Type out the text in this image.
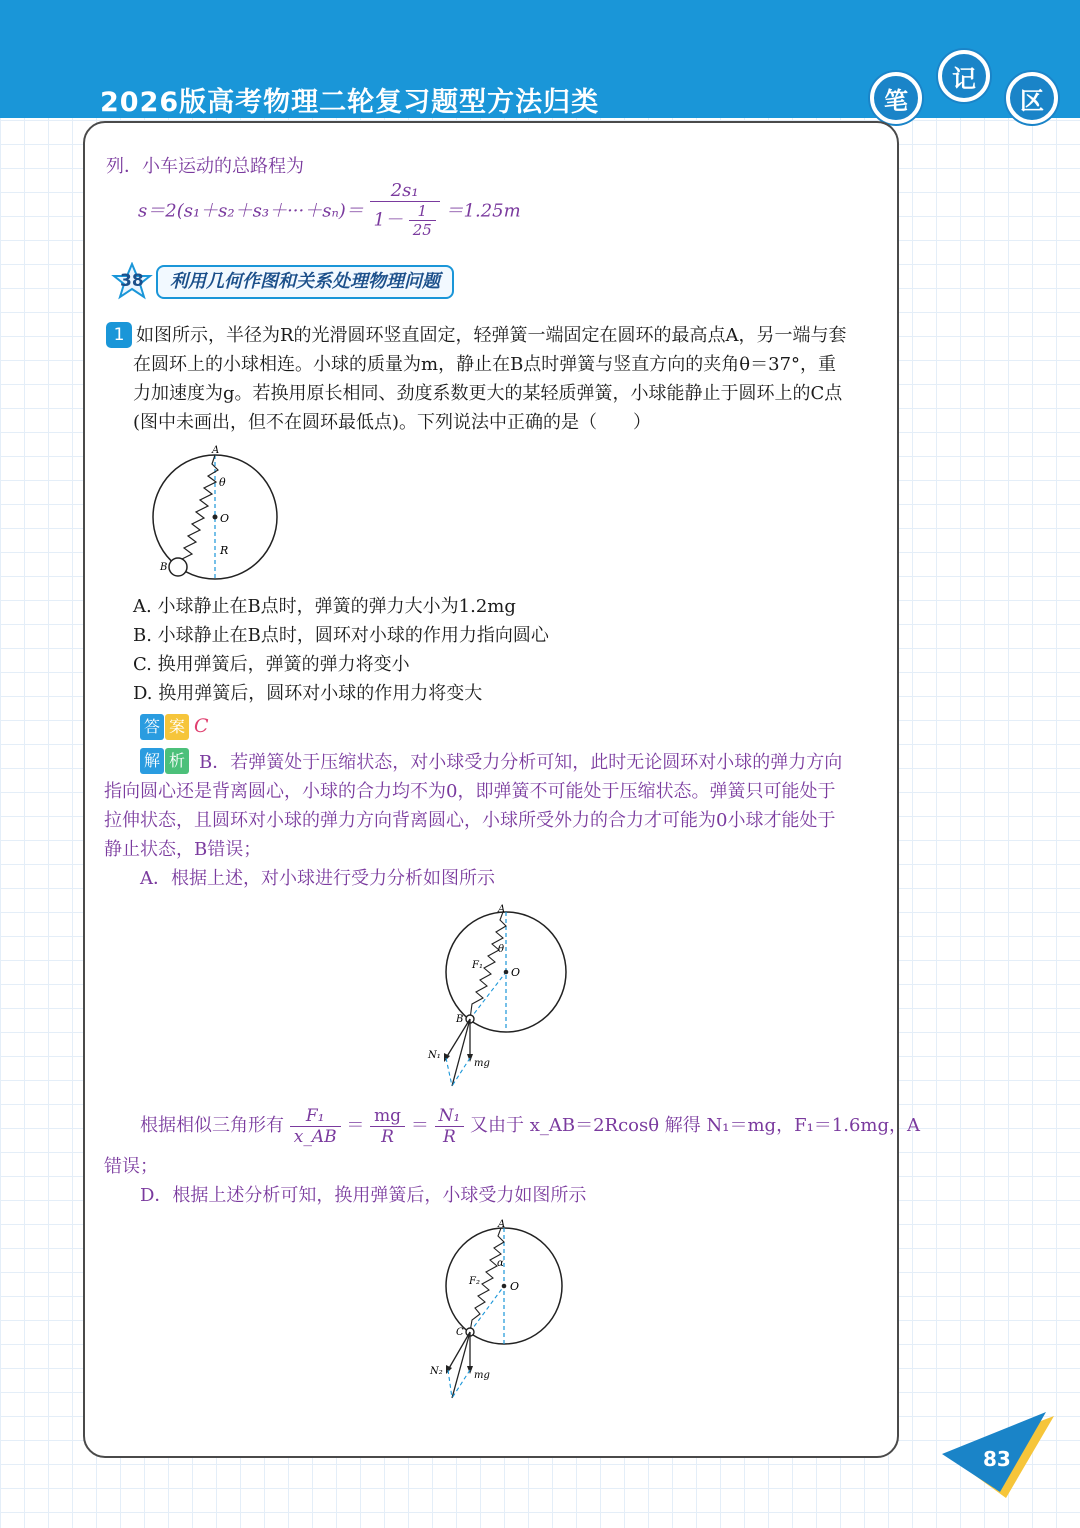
2026版高考物理二轮复习题型方法归类	笔
记
区
列．小车运动的总路程为
$s=2(s_1+s_2+s_3+\cdot\cdot\cdot+s_n)= \frac{\text{2s₁}}{1- \frac{1}{25}} =1.25m$
38	利用几何作图和关系处理物理问题
1 如图所示，半径为R的光滑圆环竖直固定，轻弹簧一端固定在圆环的最高点A，另一端与套
在圆环上的小球相连。小球的质量为m，静止在B点时弹簧与竖直方向的夹角θ＝37°，重
力加速度为g。若换用原长相同、劲度系数更大的某轻质弹簧，小球能静止于圆环上的C点
(图中未画出，但不在圆环最低点)。下列说法中正确的是（　　）
A
θ
O
R
B
A. 小球静止在B点时，弹簧的弹力大小为1.2mg
B. 小球静止在B点时，圆环对小球的作用力指向圆心
C. 换用弹簧后，弹簧的弹力将变小
D. 换用弹簧后，圆环对小球的作用力将变大
答 案 C
解 析 B．若弹簧处于压缩状态，对小球受力分析可知，此时无论圆环对小球的弹力方向
指向圆心还是背离圆心，小球的合力均不为0，即弹簧不可能处于压缩状态。弹簧只可能处于
拉伸状态，且圆环对小球的弹力方向背离圆心，小球所受外力的合力才可能为0小球才能处于
静止状态，B错误；
A．根据上述，对小球进行受力分析如图所示
A
θ
F₁
O
B
N₁
mg
根据相似三角形有 $\frac{\text{F₁}}{x\_AB} = \frac{mg}{R} = \frac{\text{N₁}}{R}$ 又由于 x_AB＝2Rcosθ 解得 N₁＝mg，F₁＝1.6mg，A
错误；
D．根据上述分析可知，换用弹簧后，小球受力如图所示
A
α
F₂	O
C
N₂	mg
83
